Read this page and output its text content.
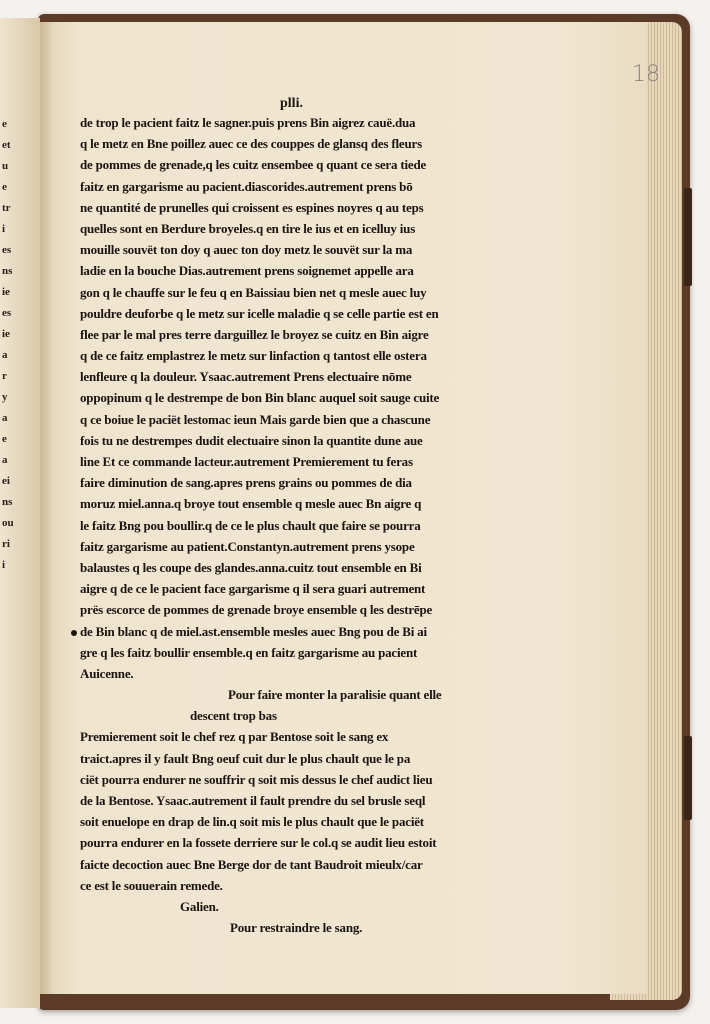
e
et
u
e
tr
i
es
ns
ie
es
ie
a
r
y
a
e
a
ei
ns
ou
ri
i
18
plli.
de trop le pacient faitz le sagner.puis prens Bin aigrez cauë.dua
q le metz en Bne poillez auec ce des couppes de glansq des fleurs
de pommes de grenade,q les cuitz ensembee q quant ce sera tiede
faitz en gargarisme au pacient.diascorides.autrement prens bō
ne quantité de prunelles qui croissent es espines noyres q au teps
quelles sont en Berdure broyeles.q en tire le ius et en icelluy ius
mouille souvët ton doy q auec ton doy metz le souvët sur la ma
ladie en la bouche Dias.autrement prens soignemet appelle ara
gon q le chauffe sur le feu q en Baissiau bien net q mesle auec luy
pouldre deuforbe q le metz sur icelle maladie q se celle partie est en
flee par le mal pres terre darguillez le broyez se cuitz en Bin aigre
q de ce faitz emplastrez le metz sur linfaction q tantost elle ostera
lenfleure q la douleur. Ysaac.autrement Prens electuaire nōme
oppopinum q le destrempe de bon Bin blanc auquel soit sauge cuite
q ce boiue le paciët lestomac ieun Mais garde bien que a chascune
fois tu ne destrempes dudit electuaire sinon la quantite dune aue
line Et ce commande lacteur.autrement Premierement tu feras
faire diminution de sang.apres prens grains ou pommes de dia
moruz miel.anna.q broye tout ensemble q mesle auec Bn aigre q
le faitz Bng pou boullir.q de ce le plus chault que faire se pourra
faitz gargarisme au patient.Constantyn.autrement prens ysope
balaustes q les coupe des glandes.anna.cuitz tout ensemble en Bi
aigre q de ce le pacient face gargarisme q il sera guari autrement
prës escorce de pommes de grenade broye ensemble q les destrēpe
de Bin blanc q de miel.ast.ensemble mesles auec Bng pou de Bi ai
gre q les faitz boullir ensemble.q en faitz gargarisme au pacient
Auicenne.
Pour faire monter la paralisie quant elle
descent trop bas
Premierement soit le chef rez q par Bentose soit le sang ex
traict.apres il y fault Bng oeuf cuit dur le plus chault que le pa
ciët pourra endurer ne souffrir q soit mis dessus le chef audict lieu
de la Bentose. Ysaac.autrement il fault prendre du sel brusle seql
soit enuelope en drap de lin.q soit mis le plus chault que le paciët
pourra endurer en la fossete derriere sur le col.q se audit lieu estoit
faicte decoction auec Bne Berge dor de tant Baudroit mieulx/car
ce est le souuerain remede.
Galien.
Pour restraindre le sang.
